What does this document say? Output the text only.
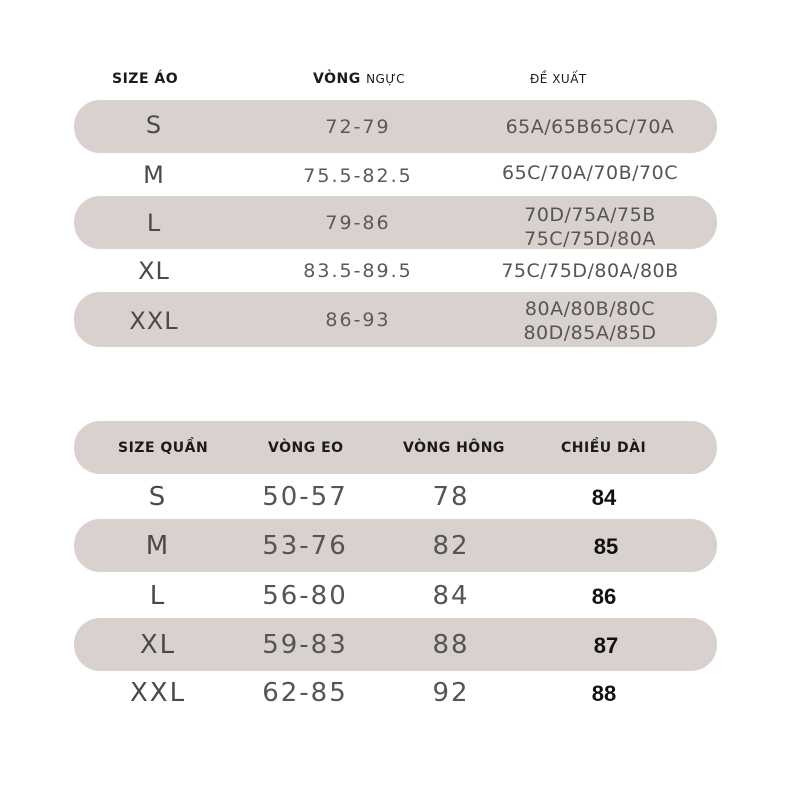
SIZE ÁO	VÒNG NGỰC	ĐỀ XUẤT
S	72-79	65A/65B65C/70A
M	75.5-82.5	65C/70A/70B/70C
L	79-86	70D/75A/75B
75C/75D/80A
XL	83.5-89.5	75C/75D/80A/80B
XXL	86-93	80A/80B/80C
80D/85A/85D
SIZE QUẦN	VÒNG EO	VÒNG HÔNG	CHIỀU DÀI
S	50-57	78	84
M	53-76	82	85
L	56-80	84	86
XL	59-83	88	87
XXL	62-85	92	88
